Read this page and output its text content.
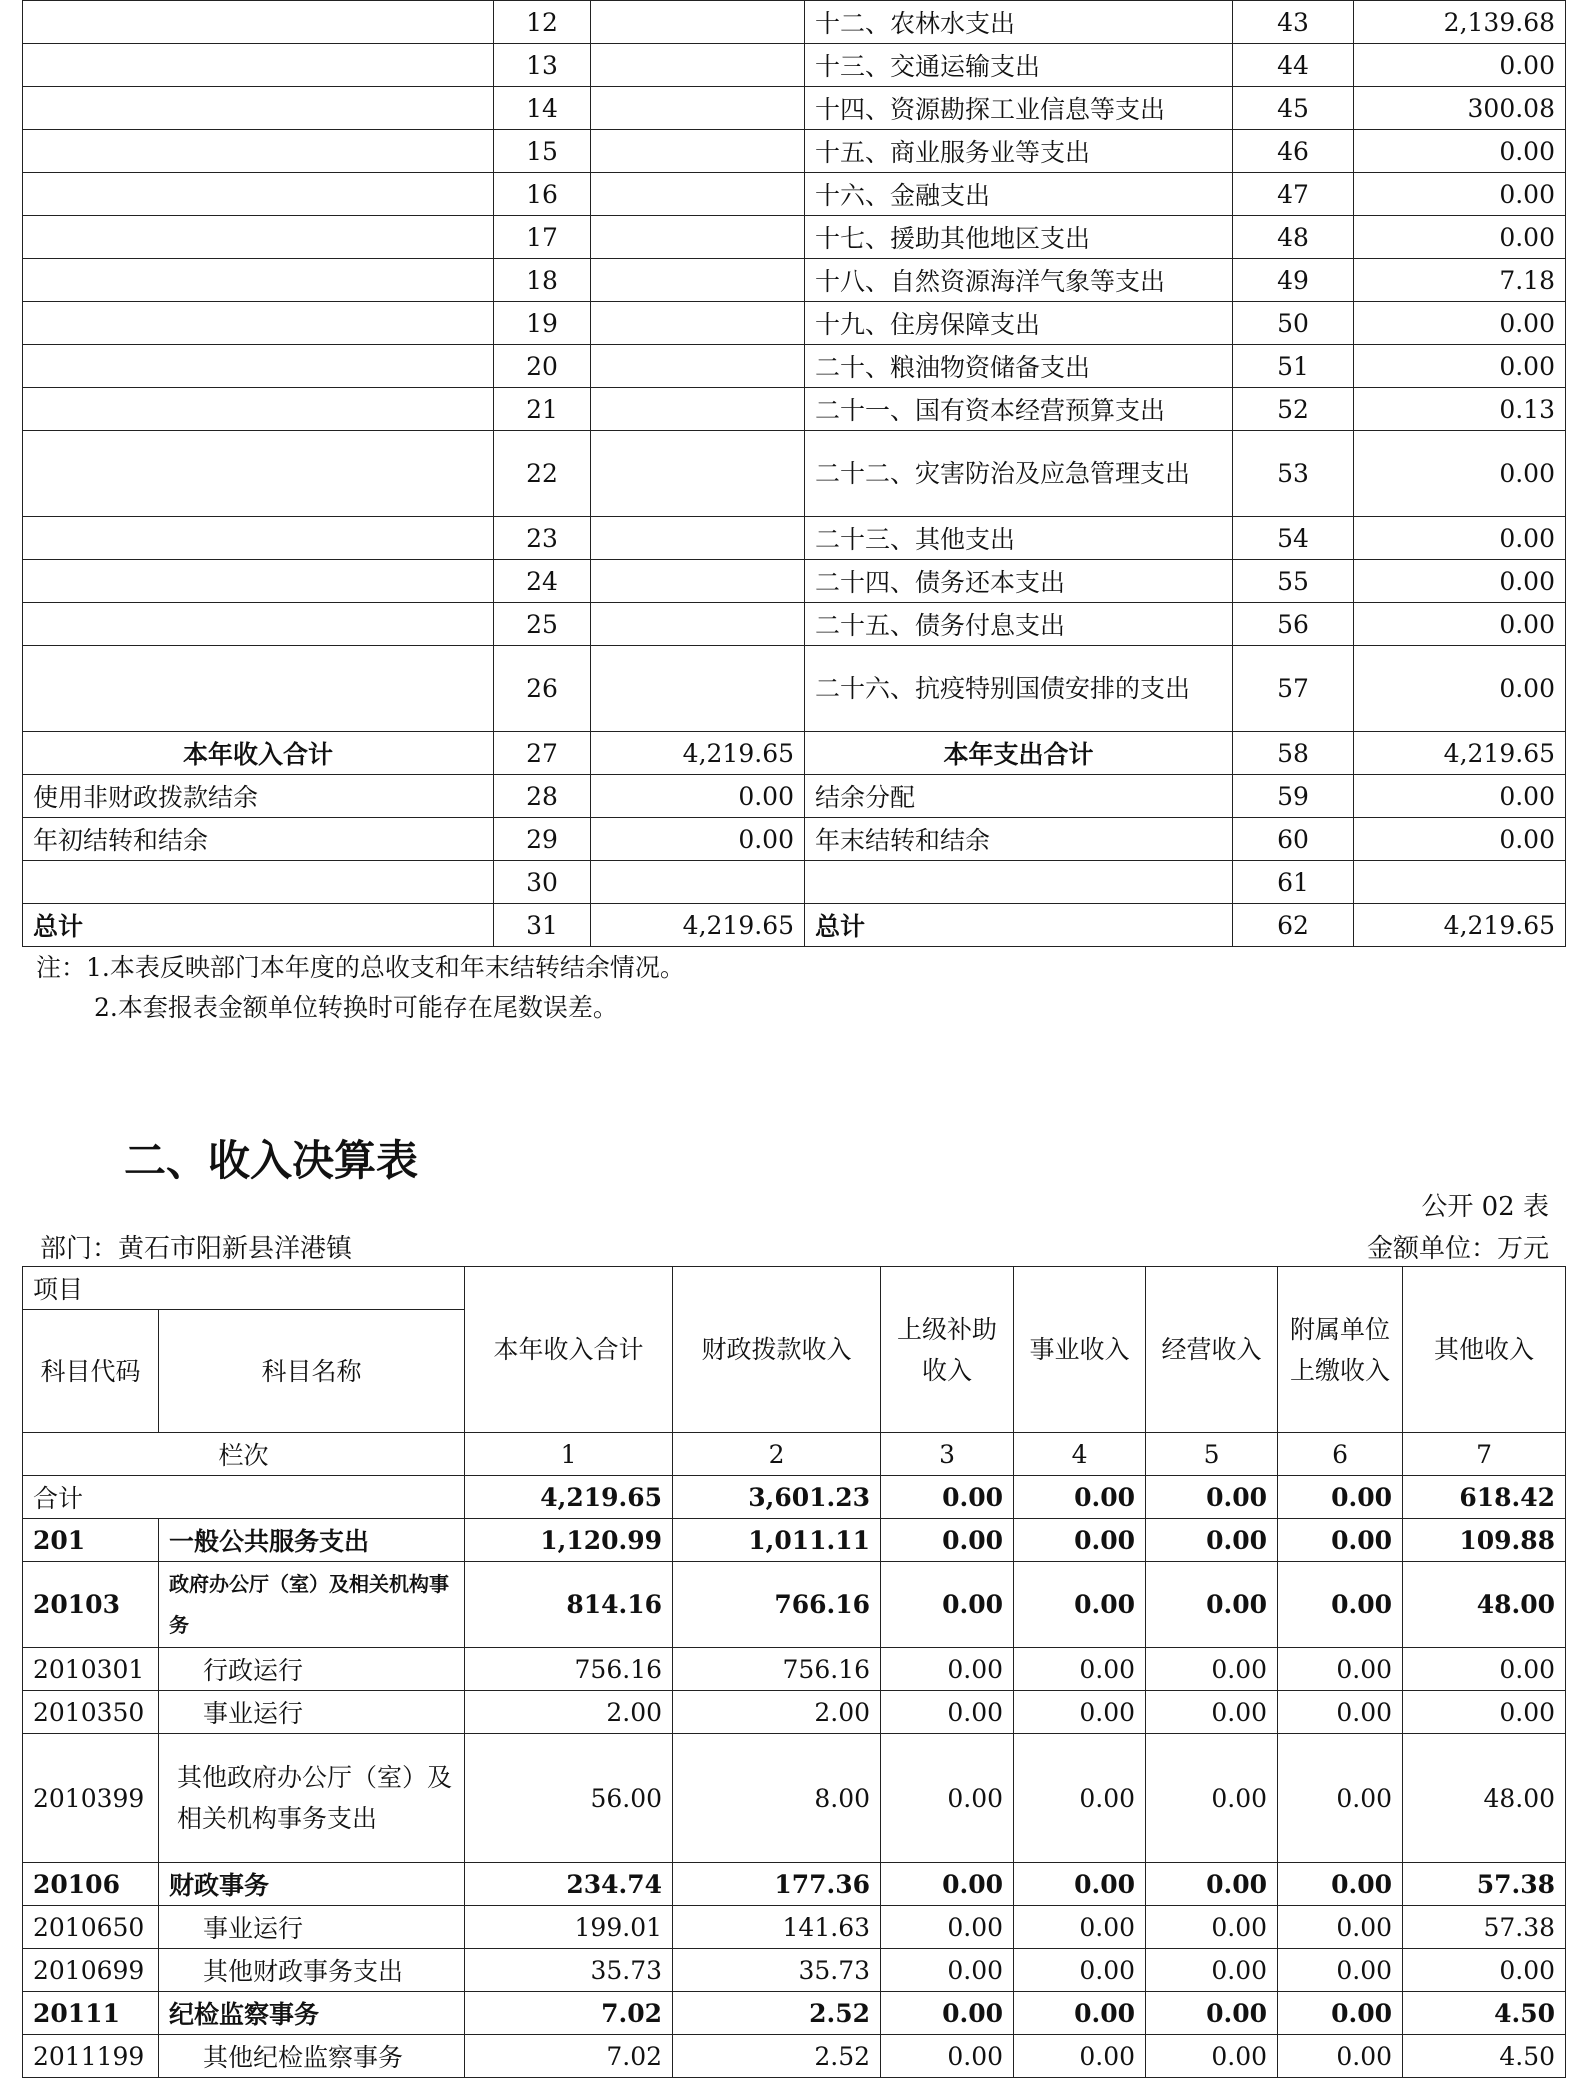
	12		十二、农林水支出	43	2,139.68
	13		十三、交通运输支出	44	0.00
	14		十四、资源勘探工业信息等支出	45	300.08
	15		十五、商业服务业等支出	46	0.00
	16		十六、金融支出	47	0.00
	17		十七、援助其他地区支出	48	0.00
	18		十八、自然资源海洋气象等支出	49	7.18
	19		十九、住房保障支出	50	0.00
	20		二十、粮油物资储备支出	51	0.00
	21		二十一、国有资本经营预算支出	52	0.13
	22		二十二、灾害防治及应急管理支出	53	0.00
	23		二十三、其他支出	54	0.00
	24		二十四、债务还本支出	55	0.00
	25		二十五、债务付息支出	56	0.00
	26		二十六、抗疫特别国债安排的支出	57	0.00
本年收入合计	27	4,219.65	本年支出合计	58	4,219.65
使用非财政拨款结余	28	0.00	结余分配	59	0.00
年初结转和结余	29	0.00	年末结转和结余	60	0.00
	30			61	
总计	31	4,219.65	总计	62	4,219.65
注：1.本表反映部门本年度的总收支和年末结转结余情况。
2.本套报表金额单位转换时可能存在尾数误差。
二、收入决算表
公开 02 表
部门：黄石市阳新县洋港镇	金额单位：万元
项目		本年收入合计	财政拨款收入	上级补助收入	事业收入	经营收入	附属单位上缴收入	其他收入
科目代码	科目名称							
栏次		1	2	3	4	5	6	7
合计		4,219.65	3,601.23	0.00	0.00	0.00	0.00	618.42
201	一般公共服务支出	1,120.99	1,011.11	0.00	0.00	0.00	0.00	109.88
20103	政府办公厅（室）及相关机构事务	814.16	766.16	0.00	0.00	0.00	0.00	48.00
2010301	行政运行	756.16	756.16	0.00	0.00	0.00	0.00	0.00
2010350	事业运行	2.00	2.00	0.00	0.00	0.00	0.00	0.00
2010399	其他政府办公厅（室）及相关机构事务支出	56.00	8.00	0.00	0.00	0.00	0.00	48.00
20106	财政事务	234.74	177.36	0.00	0.00	0.00	0.00	57.38
2010650	事业运行	199.01	141.63	0.00	0.00	0.00	0.00	57.38
2010699	其他财政事务支出	35.73	35.73	0.00	0.00	0.00	0.00	0.00
20111	纪检监察事务	7.02	2.52	0.00	0.00	0.00	0.00	4.50
2011199	其他纪检监察事务	7.02	2.52	0.00	0.00	0.00	0.00	4.50
